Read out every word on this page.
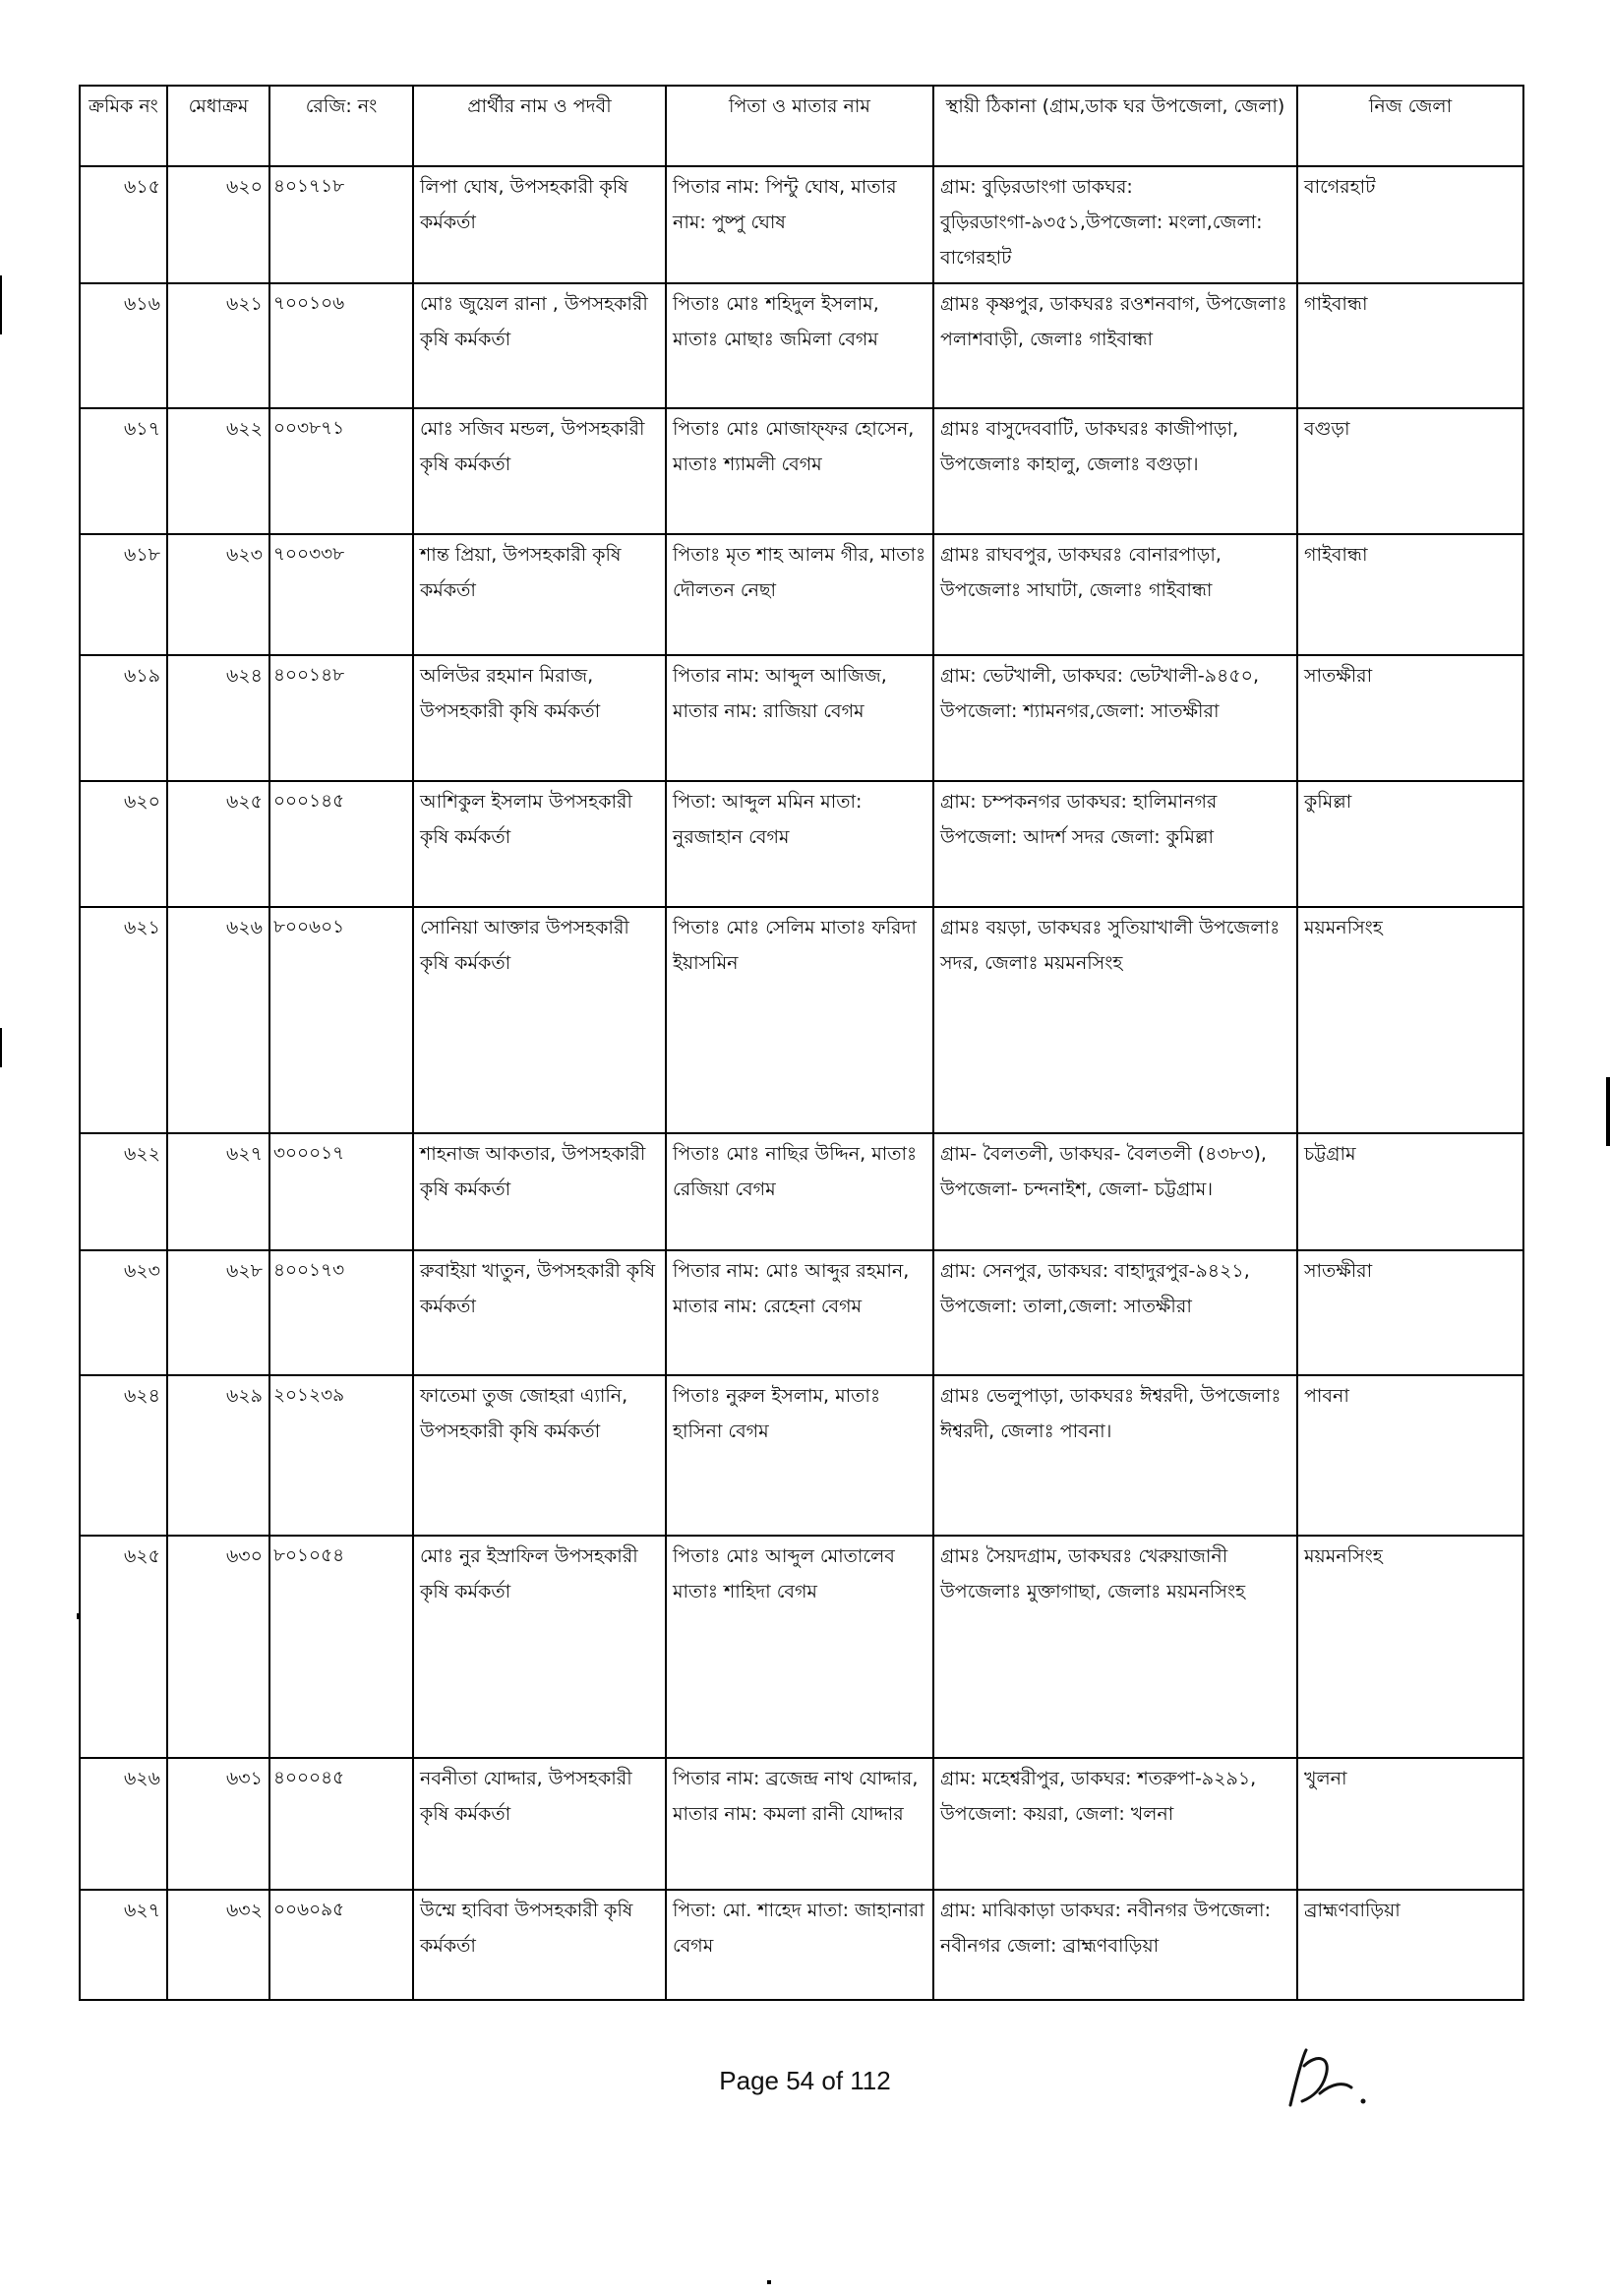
ক্রমিক নং	মেধাক্রম	রেজি: নং	প্রার্থীর নাম ও পদবী	পিতা ও মাতার নাম	স্থায়ী ঠিকানা (গ্রাম,ডাক ঘর উপজেলা, জেলা)	নিজ জেলা
৬১৫	৬২০	৪০১৭১৮	লিপা ঘোষ, উপসহকারী কৃষি কর্মকর্তা	পিতার নাম: পিন্টু ঘোষ, মাতার নাম: পুষ্পু ঘোষ	গ্রাম: বুড়িরডাংগা ডাকঘর: বুড়িরডাংগা-৯৩৫১,উপজেলা: মংলা,জেলা: বাগেরহাট	বাগেরহাট
৬১৬	৬২১	৭০০১০৬	মোঃ জুয়েল রানা , উপসহকারী কৃষি কর্মকর্তা	পিতাঃ মোঃ শহিদুল ইসলাম, মাতাঃ মোছাঃ জমিলা বেগম	গ্রামঃ কৃষ্ণপুর, ডাকঘরঃ রওশনবাগ, উপজেলাঃ পলাশবাড়ী, জেলাঃ গাইবান্ধা	গাইবান্ধা
৬১৭	৬২২	০০৩৮৭১	মোঃ সজিব মন্ডল, উপসহকারী কৃষি কর্মকর্তা	পিতাঃ মোঃ মোজাফ্ফর হোসেন, মাতাঃ শ্যামলী বেগম	গ্রামঃ বাসুদেববাটি, ডাকঘরঃ কাজীপাড়া, উপজেলাঃ কাহালু, জেলাঃ বগুড়া।	বগুড়া
৬১৮	৬২৩	৭০০৩৩৮	শান্ত প্রিয়া, উপসহকারী কৃষি কর্মকর্তা	পিতাঃ মৃত শাহ আলম গীর, মাতাঃ দৌলতন নেছা	গ্রামঃ রাঘবপুর, ডাকঘরঃ বোনারপাড়া, উপজেলাঃ সাঘাটা, জেলাঃ গাইবান্ধা	গাইবান্ধা
৬১৯	৬২৪	৪০০১৪৮	অলিউর রহমান মিরাজ, উপসহকারী কৃষি কর্মকর্তা	পিতার নাম: আব্দুল আজিজ, মাতার নাম: রাজিয়া বেগম	গ্রাম: ভেটখালী, ডাকঘর: ভেটখালী-৯৪৫০, উপজেলা: শ্যামনগর,জেলা: সাতক্ষীরা	সাতক্ষীরা
৬২০	৬২৫	০০০১৪৫	আশিকুল ইসলাম উপসহকারী কৃষি কর্মকর্তা	পিতা: আব্দুল মমিন মাতা: নুরজাহান বেগম	গ্রাম: চম্পকনগর ডাকঘর: হালিমানগর উপজেলা: আদর্শ সদর জেলা: কুমিল্লা	কুমিল্লা
৬২১	৬২৬	৮০০৬০১	সোনিয়া আক্তার উপসহকারী কৃষি কর্মকর্তা	পিতাঃ মোঃ সেলিম মাতাঃ ফরিদা ইয়াসমিন	গ্রামঃ বয়ড়া, ডাকঘরঃ সুতিয়াখালী উপজেলাঃ সদর, জেলাঃ ময়মনসিংহ	ময়মনসিংহ
৬২২	৬২৭	৩০০০১৭	শাহনাজ আকতার, উপসহকারী কৃষি কর্মকর্তা	পিতাঃ মোঃ নাছির উদ্দিন, মাতাঃ রেজিয়া বেগম	গ্রাম- বৈলতলী, ডাকঘর- বৈলতলী (৪৩৮৩), উপজেলা- চন্দনাইশ, জেলা- চট্টগ্রাম।	চট্টগ্রাম
৬২৩	৬২৮	৪০০১৭৩	রুবাইয়া খাতুন, উপসহকারী কৃষি কর্মকর্তা	পিতার নাম: মোঃ আব্দুর রহমান, মাতার নাম: রেহেনা বেগম	গ্রাম: সেনপুর, ডাকঘর: বাহাদুরপুর-৯৪২১, উপজেলা: তালা,জেলা: সাতক্ষীরা	সাতক্ষীরা
৬২৪	৬২৯	২০১২৩৯	ফাতেমা তুজ জোহরা এ্যানি, উপসহকারী কৃষি কর্মকর্তা	পিতাঃ নুরুল ইসলাম, মাতাঃ হাসিনা বেগম	গ্রামঃ ভেলুপাড়া, ডাকঘরঃ ঈশ্বরদী, উপজেলাঃ ঈশ্বরদী, জেলাঃ পাবনা।	পাবনা
৬২৫	৬৩০	৮০১০৫৪	মোঃ নুর ইস্রাফিল উপসহকারী কৃষি কর্মকর্তা	পিতাঃ মোঃ আব্দুল মোতালেব মাতাঃ শাহিদা বেগম	গ্রামঃ সৈয়দগ্রাম, ডাকঘরঃ খেরুয়াজানী উপজেলাঃ মুক্তাগাছা, জেলাঃ ময়মনসিংহ	ময়মনসিংহ
৬২৬	৬৩১	৪০০০৪৫	নবনীতা যোদ্দার, উপসহকারী কৃষি কর্মকর্তা	পিতার নাম: ব্রজেন্দ্র নাথ যোদ্দার, মাতার নাম: কমলা রানী যোদ্দার	গ্রাম: মহেশ্বরীপুর, ডাকঘর: শতরুপা-৯২৯১, উপজেলা: কয়রা, জেলা: খলনা	খুলনা
৬২৭	৬৩২	০০৬০৯৫	উম্মে হাবিবা উপসহকারী কৃষি কর্মকর্তা	পিতা: মো. শাহেদ মাতা: জাহানারা বেগম	গ্রাম: মাঝিকাড়া ডাকঘর: নবীনগর উপজেলা: নবীনগর জেলা: ব্রাহ্মণবাড়িয়া	ব্রাহ্মণবাড়িয়া
Page 54 of 112
